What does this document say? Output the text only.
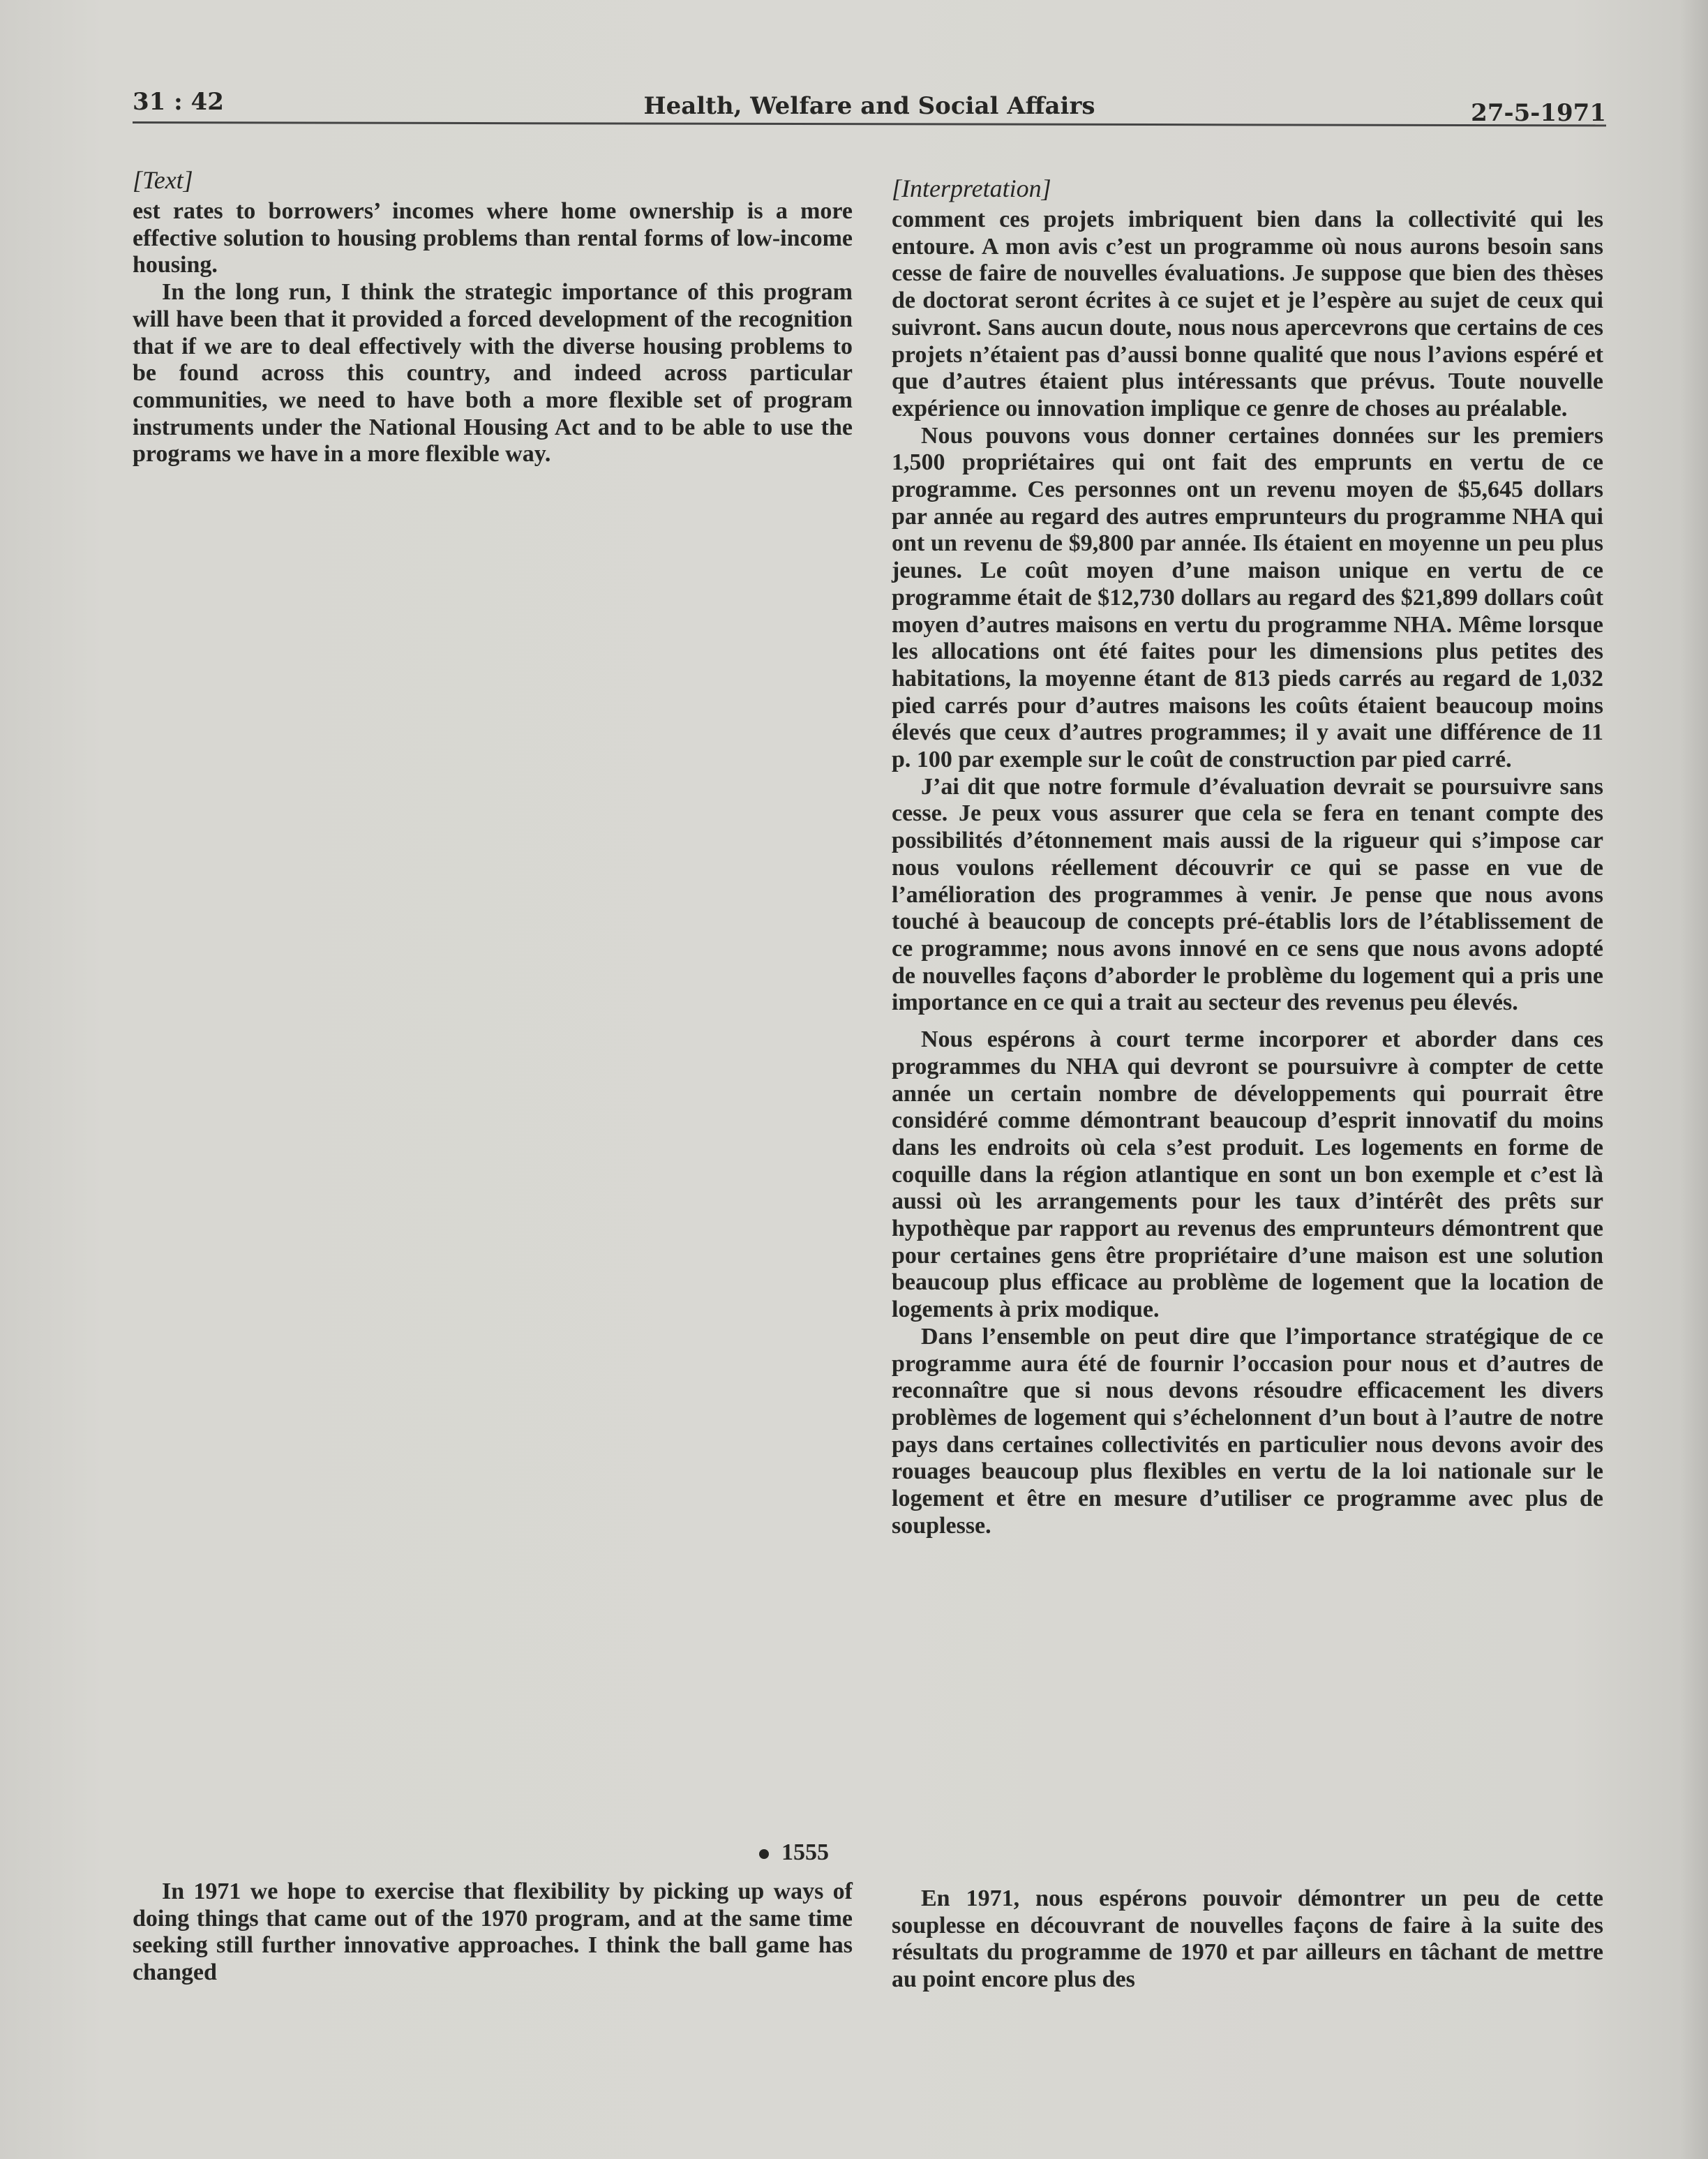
31 : 42	Health, Welfare and Social Affairs	27-5-1971

[Text]

est rates to borrowers’ incomes where home ownership is a more effective solution to housing problems than rental forms of low-income housing.

In the long run, I think the strategic importance of this program will have been that it provided a forced development of the recognition that if we are to deal effectively with the diverse housing problems to be found across this country, and indeed across particular communities, we need to have both a more flexible set of program instruments under the National Housing Act and to be able to use the programs we have in a more flexible way.

1555

In 1971 we hope to exercise that flexibility by picking up ways of doing things that came out of the 1970 program, and at the same time seeking still further innovative approaches. I think the ball game has changed

[Interpretation]

comment ces projets imbriquent bien dans la collectivité qui les entoure. A mon avis c’est un programme où nous aurons besoin sans cesse de faire de nouvelles évaluations. Je suppose que bien des thèses de doctorat seront écrites à ce sujet et je l’espère au sujet de ceux qui suivront. Sans aucun doute, nous nous apercevrons que certains de ces projets n’étaient pas d’aussi bonne qualité que nous l’avions espéré et que d’autres étaient plus intéressants que prévus. Toute nouvelle expérience ou innovation implique ce genre de choses au préalable.

Nous pouvons vous donner certaines données sur les premiers 1,500 propriétaires qui ont fait des emprunts en vertu de ce programme. Ces personnes ont un revenu moyen de $5,645 dollars par année au regard des autres emprunteurs du programme NHA qui ont un revenu de $9,800 par année. Ils étaient en moyenne un peu plus jeunes. Le coût moyen d’une maison unique en vertu de ce programme était de $12,730 dollars au regard des $21,899 dollars coût moyen d’autres maisons en vertu du programme NHA. Même lorsque les allocations ont été faites pour les dimensions plus petites des habitations, la moyenne étant de 813 pieds carrés au regard de 1,032 pied carrés pour d’autres maisons les coûts étaient beaucoup moins élevés que ceux d’autres programmes; il y avait une différence de 11 p. 100 par exemple sur le coût de construction par pied carré.

J’ai dit que notre formule d’évaluation devrait se poursuivre sans cesse. Je peux vous assurer que cela se fera en tenant compte des possibilités d’étonnement mais aussi de la rigueur qui s’impose car nous voulons réellement découvrir ce qui se passe en vue de l’amélioration des programmes à venir. Je pense que nous avons touché à beaucoup de concepts pré-établis lors de l’établissement de ce programme; nous avons innové en ce sens que nous avons adopté de nouvelles façons d’aborder le problème du logement qui a pris une importance en ce qui a trait au secteur des revenus peu élevés.

Nous espérons à court terme incorporer et aborder dans ces programmes du NHA qui devront se poursuivre à compter de cette année un certain nombre de développements qui pourrait être considéré comme démontrant beaucoup d’esprit innovatif du moins dans les endroits où cela s’est produit. Les logements en forme de coquille dans la région atlantique en sont un bon exemple et c’est là aussi où les arrangements pour les taux d’intérêt des prêts sur hypothèque par rapport au revenus des emprunteurs démontrent que pour certaines gens être propriétaire d’une maison est une solution beaucoup plus efficace au problème de logement que la location de logements à prix modique.

Dans l’ensemble on peut dire que l’importance stratégique de ce programme aura été de fournir l’occasion pour nous et d’autres de reconnaître que si nous devons résoudre efficacement les divers problèmes de logement qui s’échelonnent d’un bout à l’autre de notre pays dans certaines collectivités en particulier nous devons avoir des rouages beaucoup plus flexibles en vertu de la loi nationale sur le logement et être en mesure d’utiliser ce programme avec plus de souplesse.

En 1971, nous espérons pouvoir démontrer un peu de cette souplesse en découvrant de nouvelles façons de faire à la suite des résultats du programme de 1970 et par ailleurs en tâchant de mettre au point encore plus des
